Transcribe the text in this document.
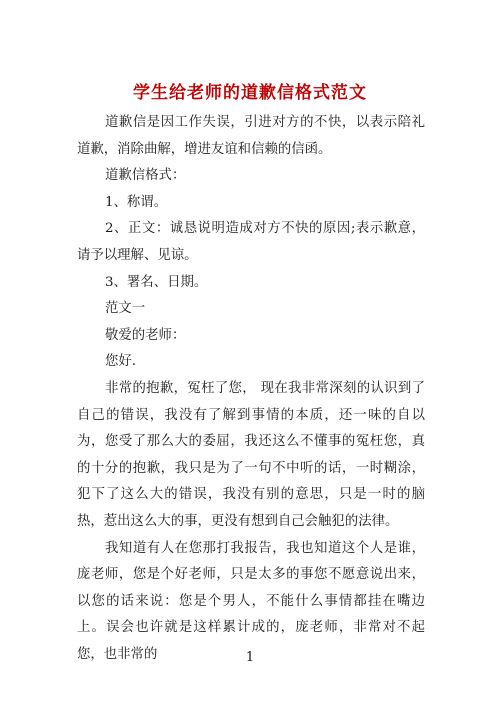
学生给老师的道歉信格式范文

道歉信是因工作失误，引进对方的不快，以表示陪礼道歉，消除曲解，增进友谊和信赖的信函。

道歉信格式：

1、称谓。

2、正文：诚恳说明造成对方不快的原因;表示歉意，请予以理解、见谅。

3、署名、日期。

范文一

敬爱的老师：

您好.

非常的抱歉，冤枉了您， 现在我非常深刻的认识到了自己的错误，我没有了解到事情的本质，还一味的自以为，您受了那么大的委屈，我还这么不懂事的冤枉您，真的十分的抱歉，我只是为了一句不中听的话，一时糊涂，犯下了这么大的错误，我没有别的意思，只是一时的脑热，惹出这么大的事，更没有想到自己会触犯的法律。

我知道有人在您那打我报告，我也知道这个人是谁，庞老师，您是个好老师，只是太多的事您不愿意说出来，以您的话来说：您是个男人，不能什么事情都挂在嘴边上。误会也许就是这样累计成的，庞老师，非常对不起您，也非常的	1
